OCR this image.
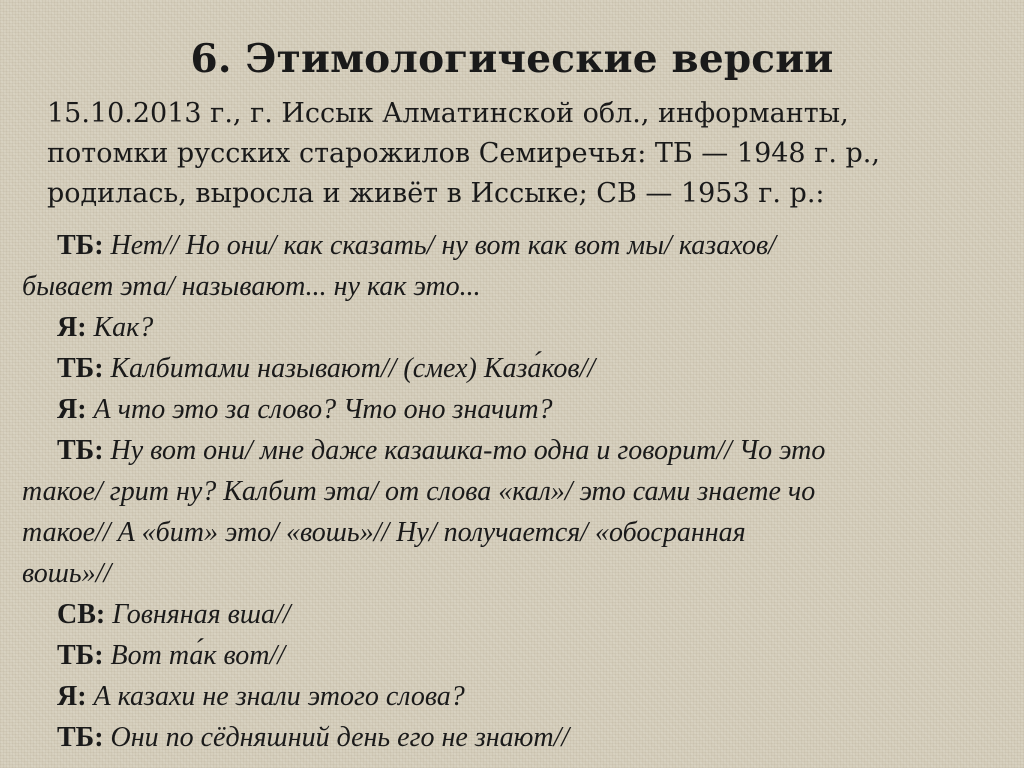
6. Этимологические версии
15.10.2013 г., г. Иссык Алматинской обл., информанты,
потомки русских старожилов Семиречья: ТБ — 1948 г. р.,
родилась, выросла и живёт в Иссыке; СВ — 1953 г. р.:
ТБ: Нет// Но они/ как сказать/ ну вот как вот мы/ казахов/
бывает эта/ называют... ну как это...
Я: Как?
ТБ: Калбитами называют// (смех) Каза́ков//
Я: А что это за слово? Что оно значит?
ТБ: Ну вот они/ мне даже казашка-то одна и говорит// Чо это
такое/ грит ну? Калбит эта/ от слова «кал»/ это сами знаете чо
такое// А «бит» это/ «вошь»// Ну/ получается/ «обосранная
вошь»//
СВ: Говняная вша//
ТБ: Вот та́к вот//
Я: А казахи не знали этого слова?
ТБ: Они по сёдняшний день его не знают//
